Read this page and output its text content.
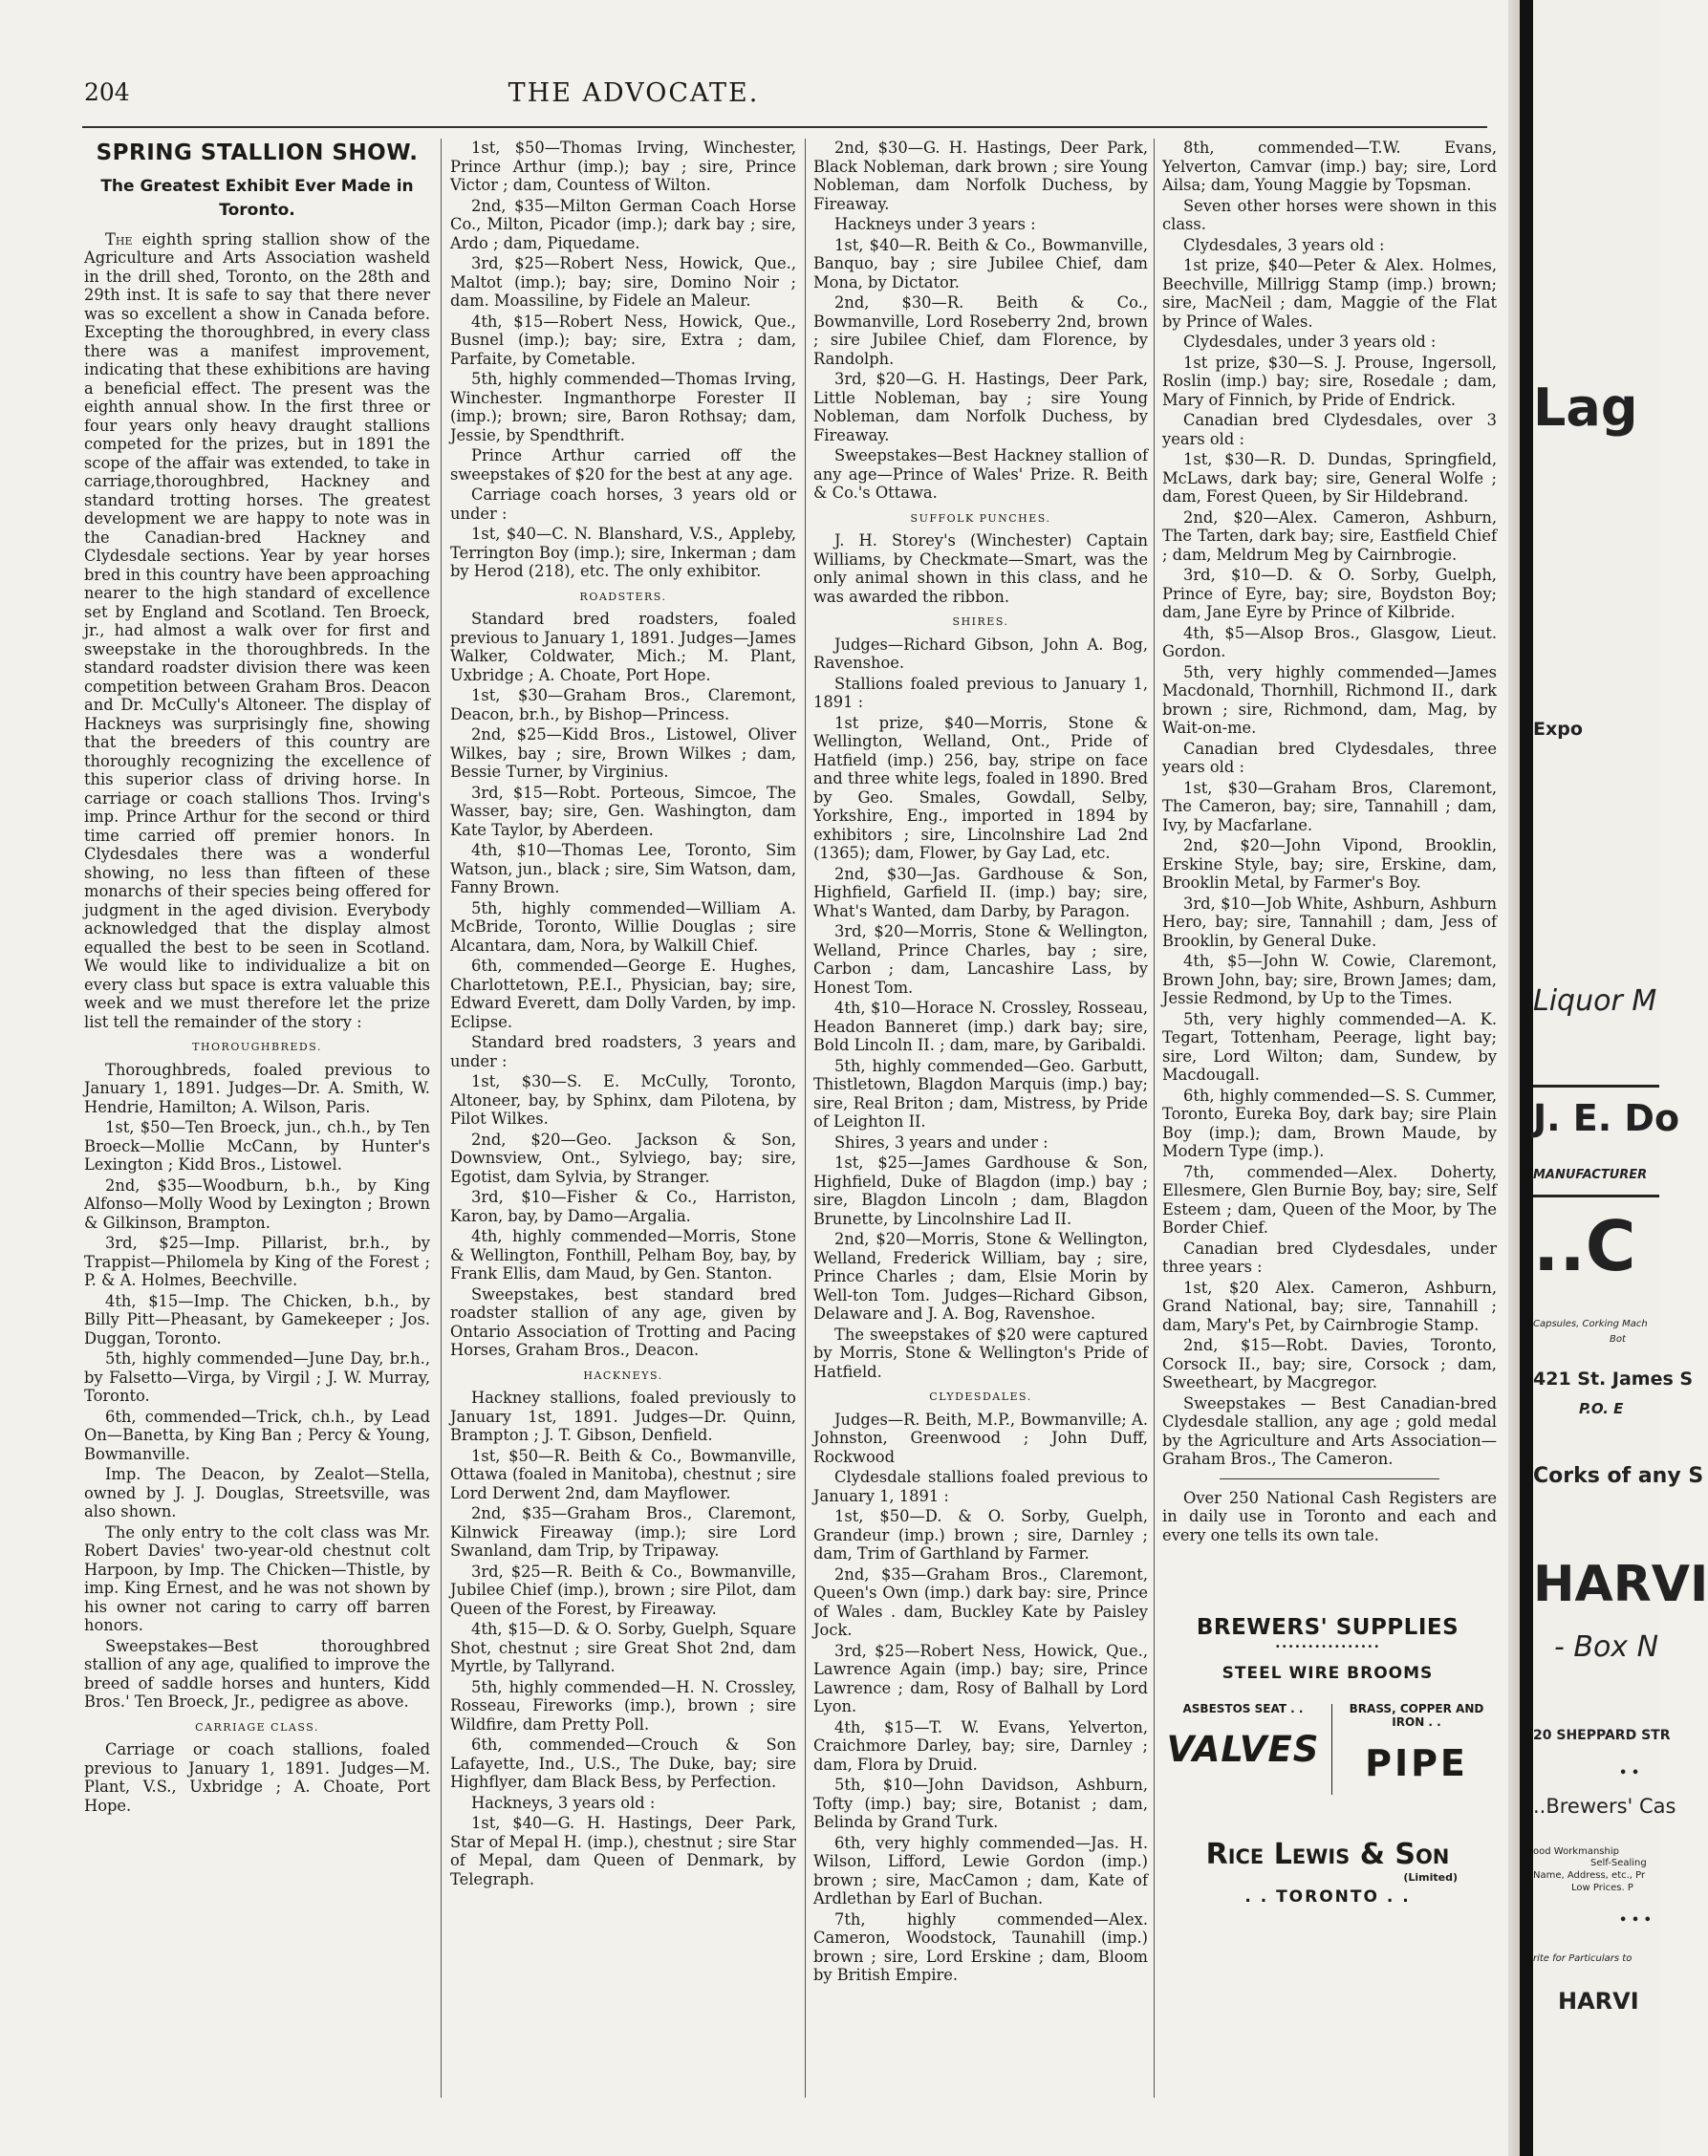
204	THE ADVOCATE.
SPRING STALLION SHOW.
The Greatest Exhibit Ever Made in Toronto.

The eighth spring stallion show of the Agriculture and Arts Association washeld in the drill shed, Toronto, on the 28th and 29th inst. It is safe to say that there never was so excellent a show in Canada before. Excepting the thoroughbred, in every class there was a manifest improvement, indicating that these exhibitions are having a beneficial effect. The present was the eighth annual show. In the first three or four years only heavy draught stallions competed for the prizes, but in 1891 the scope of the affair was extended, to take in carriage,thoroughbred, Hackney and standard trotting horses. The greatest development we are happy to note was in the Canadian-bred Hackney and Clydesdale sections. Year by year horses bred in this country have been approaching nearer to the high standard of excellence set by England and Scotland. Ten Broeck, jr., had almost a walk over for first and sweepstake in the thoroughbreds. In the standard roadster division there was keen competition between Graham Bros. Deacon and Dr. McCully's Altoneer. The display of Hackneys was surprisingly fine, showing that the breeders of this country are thoroughly recognizing the excellence of this superior class of driving horse. In carriage or coach stallions Thos. Irving's imp. Prince Arthur for the second or third time carried off premier honors. In Clydesdales there was a wonderful showing, no less than fifteen of these monarchs of their species being offered for judgment in the aged division. Everybody acknowledged that the display almost equalled the best to be seen in Scotland. We would like to individualize a bit on every class but space is extra valuable this week and we must therefore let the prize list tell the remainder of the story :

THOROUGHBREDS.

Thoroughbreds, foaled previous to January 1, 1891. Judges—Dr. A. Smith, W. Hendrie, Hamilton; A. Wilson, Paris.

1st, $50—Ten Broeck, jun., ch.h., by Ten Broeck—Mollie McCann, by Hunter's Lexington ; Kidd Bros., Listowel.

2nd, $35—Woodburn, b.h., by King Alfonso—Molly Wood by Lexington ; Brown & Gilkinson, Brampton.

3rd, $25—Imp. Pillarist, br.h., by Trappist—Philomela by King of the Forest ; P. & A. Holmes, Beechville.

4th, $15—Imp. The Chicken, b.h., by Billy Pitt—Pheasant, by Gamekeeper ; Jos. Duggan, Toronto.

5th, highly commended—June Day, br.h., by Falsetto—Virga, by Virgil ; J. W. Murray, Toronto.

6th, commended—Trick, ch.h., by Lead On—Banetta, by King Ban ; Percy & Young, Bowmanville.

Imp. The Deacon, by Zealot—Stella, owned by J. J. Douglas, Streetsville, was also shown.

The only entry to the colt class was Mr. Robert Davies' two-year-old chestnut colt Harpoon, by Imp. The Chicken—Thistle, by imp. King Ernest, and he was not shown by his owner not caring to carry off barren honors.

Sweepstakes—Best thoroughbred stallion of any age, qualified to improve the breed of saddle horses and hunters, Kidd Bros.' Ten Broeck, Jr., pedigree as above.

CARRIAGE CLASS.

Carriage or coach stallions, foaled previous to January 1, 1891. Judges—M. Plant, V.S., Uxbridge ; A. Choate, Port Hope.

1st, $50—Thomas Irving, Winchester, Prince Arthur (imp.); bay ; sire, Prince Victor ; dam, Countess of Wilton.

2nd, $35—Milton German Coach Horse Co., Milton, Picador (imp.); dark bay ; sire, Ardo ; dam, Piquedame.

3rd, $25—Robert Ness, Howick, Que., Maltot (imp.); bay; sire, Domino Noir ; dam. Moassiline, by Fidele an Maleur.

4th, $15—Robert Ness, Howick, Que., Busnel (imp.); bay; sire, Extra ; dam, Parfaite, by Cometable.

5th, highly commended—Thomas Irving, Winchester. Ingmanthorpe Forester II (imp.); brown; sire, Baron Rothsay; dam, Jessie, by Spendthrift.

Prince Arthur carried off the sweepstakes of $20 for the best at any age.

Carriage coach horses, 3 years old or under :

1st, $40—C. N. Blanshard, V.S., Appleby, Terrington Boy (imp.); sire, Inkerman ; dam by Herod (218), etc. The only exhibitor.

ROADSTERS.

Standard bred roadsters, foaled previous to January 1, 1891. Judges—James Walker, Coldwater, Mich.; M. Plant, Uxbridge ; A. Choate, Port Hope.

1st, $30—Graham Bros., Claremont, Deacon, br.h., by Bishop—Princess.

2nd, $25—Kidd Bros., Listowel, Oliver Wilkes, bay ; sire, Brown Wilkes ; dam, Bessie Turner, by Virginius.

3rd, $15—Robt. Porteous, Simcoe, The Wasser, bay; sire, Gen. Washington, dam Kate Taylor, by Aberdeen.

4th, $10—Thomas Lee, Toronto, Sim Watson, jun., black ; sire, Sim Watson, dam, Fanny Brown.

5th, highly commended—William A. McBride, Toronto, Willie Douglas ; sire Alcantara, dam, Nora, by Walkill Chief.

6th, commended—George E. Hughes, Charlottetown, P.E.I., Physician, bay; sire, Edward Everett, dam Dolly Varden, by imp. Eclipse.

Standard bred roadsters, 3 years and under :

1st, $30—S. E. McCully, Toronto, Altoneer, bay, by Sphinx, dam Pilotena, by Pilot Wilkes.

2nd, $20—Geo. Jackson & Son, Downsview, Ont., Sylviego, bay; sire, Egotist, dam Sylvia, by Stranger.

3rd, $10—Fisher & Co., Harriston, Karon, bay, by Damo—Argalia.

4th, highly commended—Morris, Stone & Wellington, Fonthill, Pelham Boy, bay, by Frank Ellis, dam Maud, by Gen. Stanton.

Sweepstakes, best standard bred roadster stallion of any age, given by Ontario Association of Trotting and Pacing Horses, Graham Bros., Deacon.

HACKNEYS.

Hackney stallions, foaled previously to January 1st, 1891. Judges—Dr. Quinn, Brampton ; J. T. Gibson, Denfield.

1st, $50—R. Beith & Co., Bowmanville, Ottawa (foaled in Manitoba), chestnut ; sire Lord Derwent 2nd, dam Mayflower.

2nd, $35—Graham Bros., Claremont, Kilnwick Fireaway (imp.); sire Lord Swanland, dam Trip, by Tripaway.

3rd, $25—R. Beith & Co., Bowmanville, Jubilee Chief (imp.), brown ; sire Pilot, dam Queen of the Forest, by Fireaway.

4th, $15—D. & O. Sorby, Guelph, Square Shot, chestnut ; sire Great Shot 2nd, dam Myrtle, by Tallyrand.

5th, highly commended—H. N. Crossley, Rosseau, Fireworks (imp.), brown ; sire Wildfire, dam Pretty Poll.

6th, commended—Crouch & Son Lafayette, Ind., U.S., The Duke, bay; sire Highflyer, dam Black Bess, by Perfection.

Hackneys, 3 years old :

1st, $40—G. H. Hastings, Deer Park, Star of Mepal H. (imp.), chestnut ; sire Star of Mepal, dam Queen of Denmark, by Telegraph.

2nd, $30—G. H. Hastings, Deer Park, Black Nobleman, dark brown ; sire Young Nobleman, dam Norfolk Duchess, by Fireaway.

Hackneys under 3 years :

1st, $40—R. Beith & Co., Bowmanville, Banquo, bay ; sire Jubilee Chief, dam Mona, by Dictator.

2nd, $30—R. Beith & Co., Bowmanville, Lord Roseberry 2nd, brown ; sire Jubilee Chief, dam Florence, by Randolph.

3rd, $20—G. H. Hastings, Deer Park, Little Nobleman, bay ; sire Young Nobleman, dam Norfolk Duchess, by Fireaway.

Sweepstakes—Best Hackney stallion of any age—Prince of Wales' Prize. R. Beith & Co.'s Ottawa.

SUFFOLK PUNCHES.

J. H. Storey's (Winchester) Captain Williams, by Checkmate—Smart, was the only animal shown in this class, and he was awarded the ribbon.

SHIRES.

Judges—Richard Gibson, John A. Bog, Ravenshoe.

Stallions foaled previous to January 1, 1891 :

1st prize, $40—Morris, Stone & Wellington, Welland, Ont., Pride of Hatfield (imp.) 256, bay, stripe on face and three white legs, foaled in 1890. Bred by Geo. Smales, Gowdall, Selby, Yorkshire, Eng., imported in 1894 by exhibitors ; sire, Lincolnshire Lad 2nd (1365); dam, Flower, by Gay Lad, etc.

2nd, $30—Jas. Gardhouse & Son, Highfield, Garfield II. (imp.) bay; sire, What's Wanted, dam Darby, by Paragon.

3rd, $20—Morris, Stone & Wellington, Welland, Prince Charles, bay ; sire, Carbon ; dam, Lancashire Lass, by Honest Tom.

4th, $10—Horace N. Crossley, Rosseau, Headon Banneret (imp.) dark bay; sire, Bold Lincoln II. ; dam, mare, by Garibaldi.

5th, highly commended—Geo. Garbutt, Thistletown, Blagdon Marquis (imp.) bay; sire, Real Briton ; dam, Mistress, by Pride of Leighton II.

Shires, 3 years and under :

1st, $25—James Gardhouse & Son, Highfield, Duke of Blagdon (imp.) bay ; sire, Blagdon Lincoln ; dam, Blagdon Brunette, by Lincolnshire Lad II.

2nd, $20—Morris, Stone & Wellington, Welland, Frederick William, bay ; sire, Prince Charles ; dam, Elsie Morin by Well-ton Tom. Judges—Richard Gibson, Delaware and J. A. Bog, Ravenshoe.

The sweepstakes of $20 were captured by Morris, Stone & Wellington's Pride of Hatfield.

CLYDESDALES.

Judges—R. Beith, M.P., Bowmanville; A. Johnston, Greenwood ; John Duff, Rockwood

Clydesdale stallions foaled previous to January 1, 1891 :

1st, $50—D. & O. Sorby, Guelph, Grandeur (imp.) brown ; sire, Darnley ; dam, Trim of Garthland by Farmer.

2nd, $35—Graham Bros., Claremont, Queen's Own (imp.) dark bay: sire, Prince of Wales . dam, Buckley Kate by Paisley Jock.

3rd, $25—Robert Ness, Howick, Que., Lawrence Again (imp.) bay; sire, Prince Lawrence ; dam, Rosy of Balhall by Lord Lyon.

4th, $15—T. W. Evans, Yelverton, Craichmore Darley, bay; sire, Darnley ; dam, Flora by Druid.

5th, $10—John Davidson, Ashburn, Tofty (imp.) bay; sire, Botanist ; dam, Belinda by Grand Turk.

6th, very highly commended—Jas. H. Wilson, Lifford, Lewie Gordon (imp.) brown ; sire, MacCamon ; dam, Kate of Ardlethan by Earl of Buchan.

7th, highly commended—Alex. Cameron, Woodstock, Taunahill (imp.) brown ; sire, Lord Erskine ; dam, Bloom by British Empire.

8th, commended—T.W. Evans, Yelverton, Camvar (imp.) bay; sire, Lord Ailsa; dam, Young Maggie by Topsman.

Seven other horses were shown in this class.

Clydesdales, 3 years old :

1st prize, $40—Peter & Alex. Holmes, Beechville, Millrigg Stamp (imp.) brown; sire, MacNeil ; dam, Maggie of the Flat by Prince of Wales.

Clydesdales, under 3 years old :

1st prize, $30—S. J. Prouse, Ingersoll, Roslin (imp.) bay; sire, Rosedale ; dam, Mary of Finnich, by Pride of Endrick.

Canadian bred Clydesdales, over 3 years old :

1st, $30—R. D. Dundas, Springfield, McLaws, dark bay; sire, General Wolfe ; dam, Forest Queen, by Sir Hildebrand.

2nd, $20—Alex. Cameron, Ashburn, The Tarten, dark bay; sire, Eastfield Chief ; dam, Meldrum Meg by Cairnbrogie.

3rd, $10—D. & O. Sorby, Guelph, Prince of Eyre, bay; sire, Boydston Boy; dam, Jane Eyre by Prince of Kilbride.

4th, $5—Alsop Bros., Glasgow, Lieut. Gordon.

5th, very highly commended—James Macdonald, Thornhill, Richmond II., dark brown ; sire, Richmond, dam, Mag, by Wait-on-me.

Canadian bred Clydesdales, three years old :

1st, $30—Graham Bros, Claremont, The Cameron, bay; sire, Tannahill ; dam, Ivy, by Macfarlane.

2nd, $20—John Vipond, Brooklin, Erskine Style, bay; sire, Erskine, dam, Brooklin Metal, by Farmer's Boy.

3rd, $10—Job White, Ashburn, Ashburn Hero, bay; sire, Tannahill ; dam, Jess of Brooklin, by General Duke.

4th, $5—John W. Cowie, Claremont, Brown John, bay; sire, Brown James; dam, Jessie Redmond, by Up to the Times.

5th, very highly commended—A. K. Tegart, Tottenham, Peerage, light bay; sire, Lord Wilton; dam, Sundew, by Macdougall.

6th, highly commended—S. S. Cummer, Toronto, Eureka Boy, dark bay; sire Plain Boy (imp.); dam, Brown Maude, by Modern Type (imp.).

7th, commended—Alex. Doherty, Ellesmere, Glen Burnie Boy, bay; sire, Self Esteem ; dam, Queen of the Moor, by The Border Chief.

Canadian bred Clydesdales, under three years :

1st, $20 Alex. Cameron, Ashburn, Grand National, bay; sire, Tannahill ; dam, Mary's Pet, by Cairnbrogie Stamp.

2nd, $15—Robt. Davies, Toronto, Corsock II., bay; sire, Corsock ; dam, Sweetheart, by Macgregor.

Sweepstakes — Best Canadian-bred Clydesdale stallion, any age ; gold medal by the Agriculture and Arts Association—Graham Bros., The Cameron.

Over 250 National Cash Registers are in daily use in Toronto and each and every one tells its own tale.

BREWERS' SUPPLIES
••••••••••••••••
STEEL WIRE BROOMS
ASBESTOS SEAT . .
VALVES
BRASS, COPPER AND IRON . .
PIPE
Rice Lewis & Son
(Limited)
. . TORONTO . .
Lag
Expo
Liquor M
J. E. Do
MANUFACTURER
..C
Capsules, Corking Mach
Bot
421 St. James S
P.O. E
Corks of any S
HARVI
- Box N
20 SHEPPARD STR
• •
..Brewers' Cas
ood Workmanship
Self-Sealing
Name, Address, etc., Pr
Low Prices. P
• • •
rite for Particulars to
HARVI
